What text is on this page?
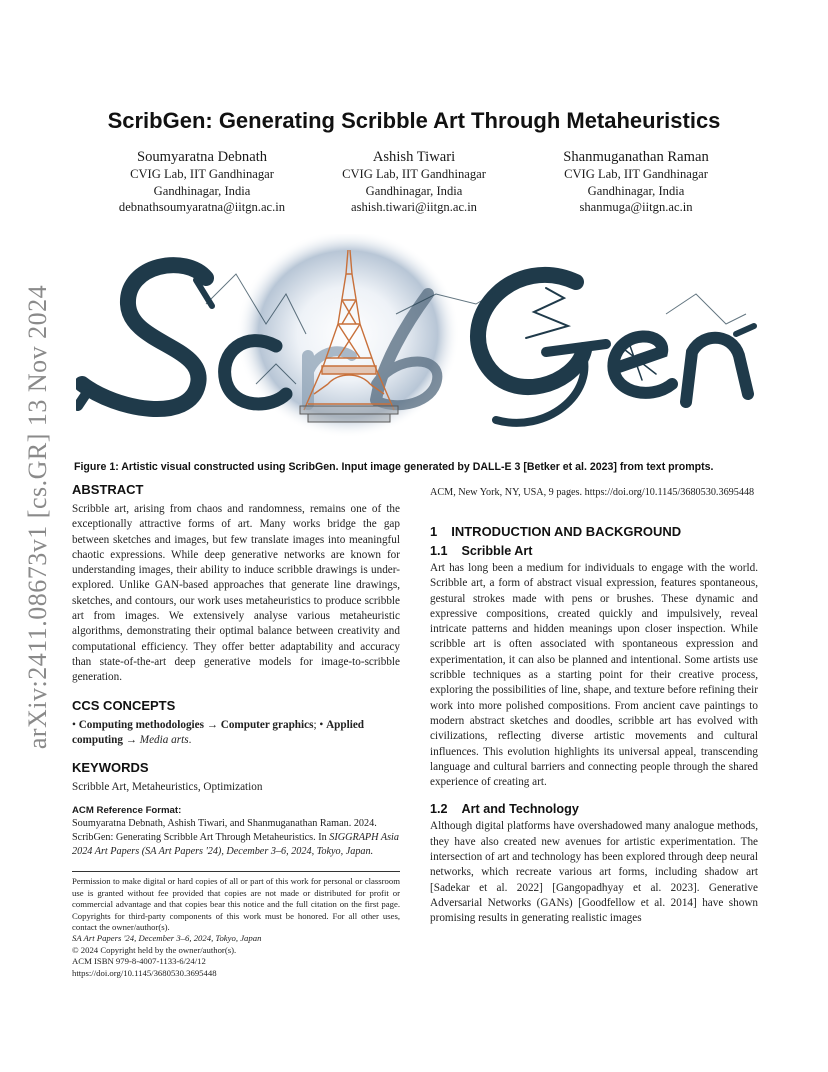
arXiv:2411.08673v1 [cs.GR] 13 Nov 2024
ScribGen: Generating Scribble Art Through Metaheuristics
Soumyaratna Debnath
CVIG Lab, IIT Gandhinagar
Gandhinagar, India
debnathsoumyaratna@iitgn.ac.in
Ashish Tiwari
CVIG Lab, IIT Gandhinagar
Gandhinagar, India
ashish.tiwari@iitgn.ac.in
Shanmuganathan Raman
CVIG Lab, IIT Gandhinagar
Gandhinagar, India
shanmuga@iitgn.ac.in
Figure 1: Artistic visual constructed using ScribGen. Input image generated by DALL-E 3 [Betker et al. 2023] from text prompts.
ABSTRACT

Scribble art, arising from chaos and randomness, remains one of the exceptionally attractive forms of art. Many works bridge the gap between sketches and images, but few translate images into meaningful chaotic expressions. While deep generative networks are known for understanding images, their ability to induce scribble drawings is under-explored. Unlike GAN-based approaches that generate line drawings, sketches, and contours, our work uses metaheuristics to produce scribble art from images. We extensively analyse various metaheuristic algorithms, demonstrating their optimal balance between creativity and computational efficiency. They offer better adaptability and accuracy than state-of-the-art deep generative models for image-to-scribble generation.

CCS CONCEPTS
• Computing methodologies → Computer graphics; • Applied computing → Media arts.
KEYWORDS

Scribble Art, Metaheuristics, Optimization

ACM Reference Format:
Soumyaratna Debnath, Ashish Tiwari, and Shanmuganathan Raman. 2024. ScribGen: Generating Scribble Art Through Metaheuristics. In SIGGRAPH Asia 2024 Art Papers (SA Art Papers '24), December 3–6, 2024, Tokyo, Japan.
Permission to make digital or hard copies of all or part of this work for personal or classroom use is granted without fee provided that copies are not made or distributed for profit or commercial advantage and that copies bear this notice and the full citation on the first page. Copyrights for third-party components of this work must be honored. For all other uses, contact the owner/author(s).
SA Art Papers '24, December 3–6, 2024, Tokyo, Japan
© 2024 Copyright held by the owner/author(s).
ACM ISBN 979-8-4007-1133-6/24/12
https://doi.org/10.1145/3680530.3695448
ACM, New York, NY, USA, 9 pages. https://doi.org/10.1145/3680530.3695448
1 INTRODUCTION AND BACKGROUND
1.1 Scribble Art

Art has long been a medium for individuals to engage with the world. Scribble art, a form of abstract visual expression, features spontaneous, gestural strokes made with pens or brushes. These dynamic and expressive compositions, created quickly and impulsively, reveal intricate patterns and hidden meanings upon closer inspection. While scribble art is often associated with spontaneous expression and experimentation, it can also be planned and intentional. Some artists use scribble techniques as a starting point for their creative process, exploring the possibilities of line, shape, and texture before refining their work into more polished compositions. From ancient cave paintings to modern abstract sketches and doodles, scribble art has evolved with civilizations, reflecting diverse artistic movements and cultural influences. This evolution highlights its universal appeal, transcending language and cultural barriers and connecting people through the shared experience of creating art.

1.2 Art and Technology

Although digital platforms have overshadowed many analogue methods, they have also created new avenues for artistic experimentation. The intersection of art and technology has been explored through deep neural networks, which recreate various art forms, including shadow art [Sadekar et al. 2022] [Gangopadhyay et al. 2023]. Generative Adversarial Networks (GANs) [Goodfellow et al. 2014] have shown promising results in generating realistic images
